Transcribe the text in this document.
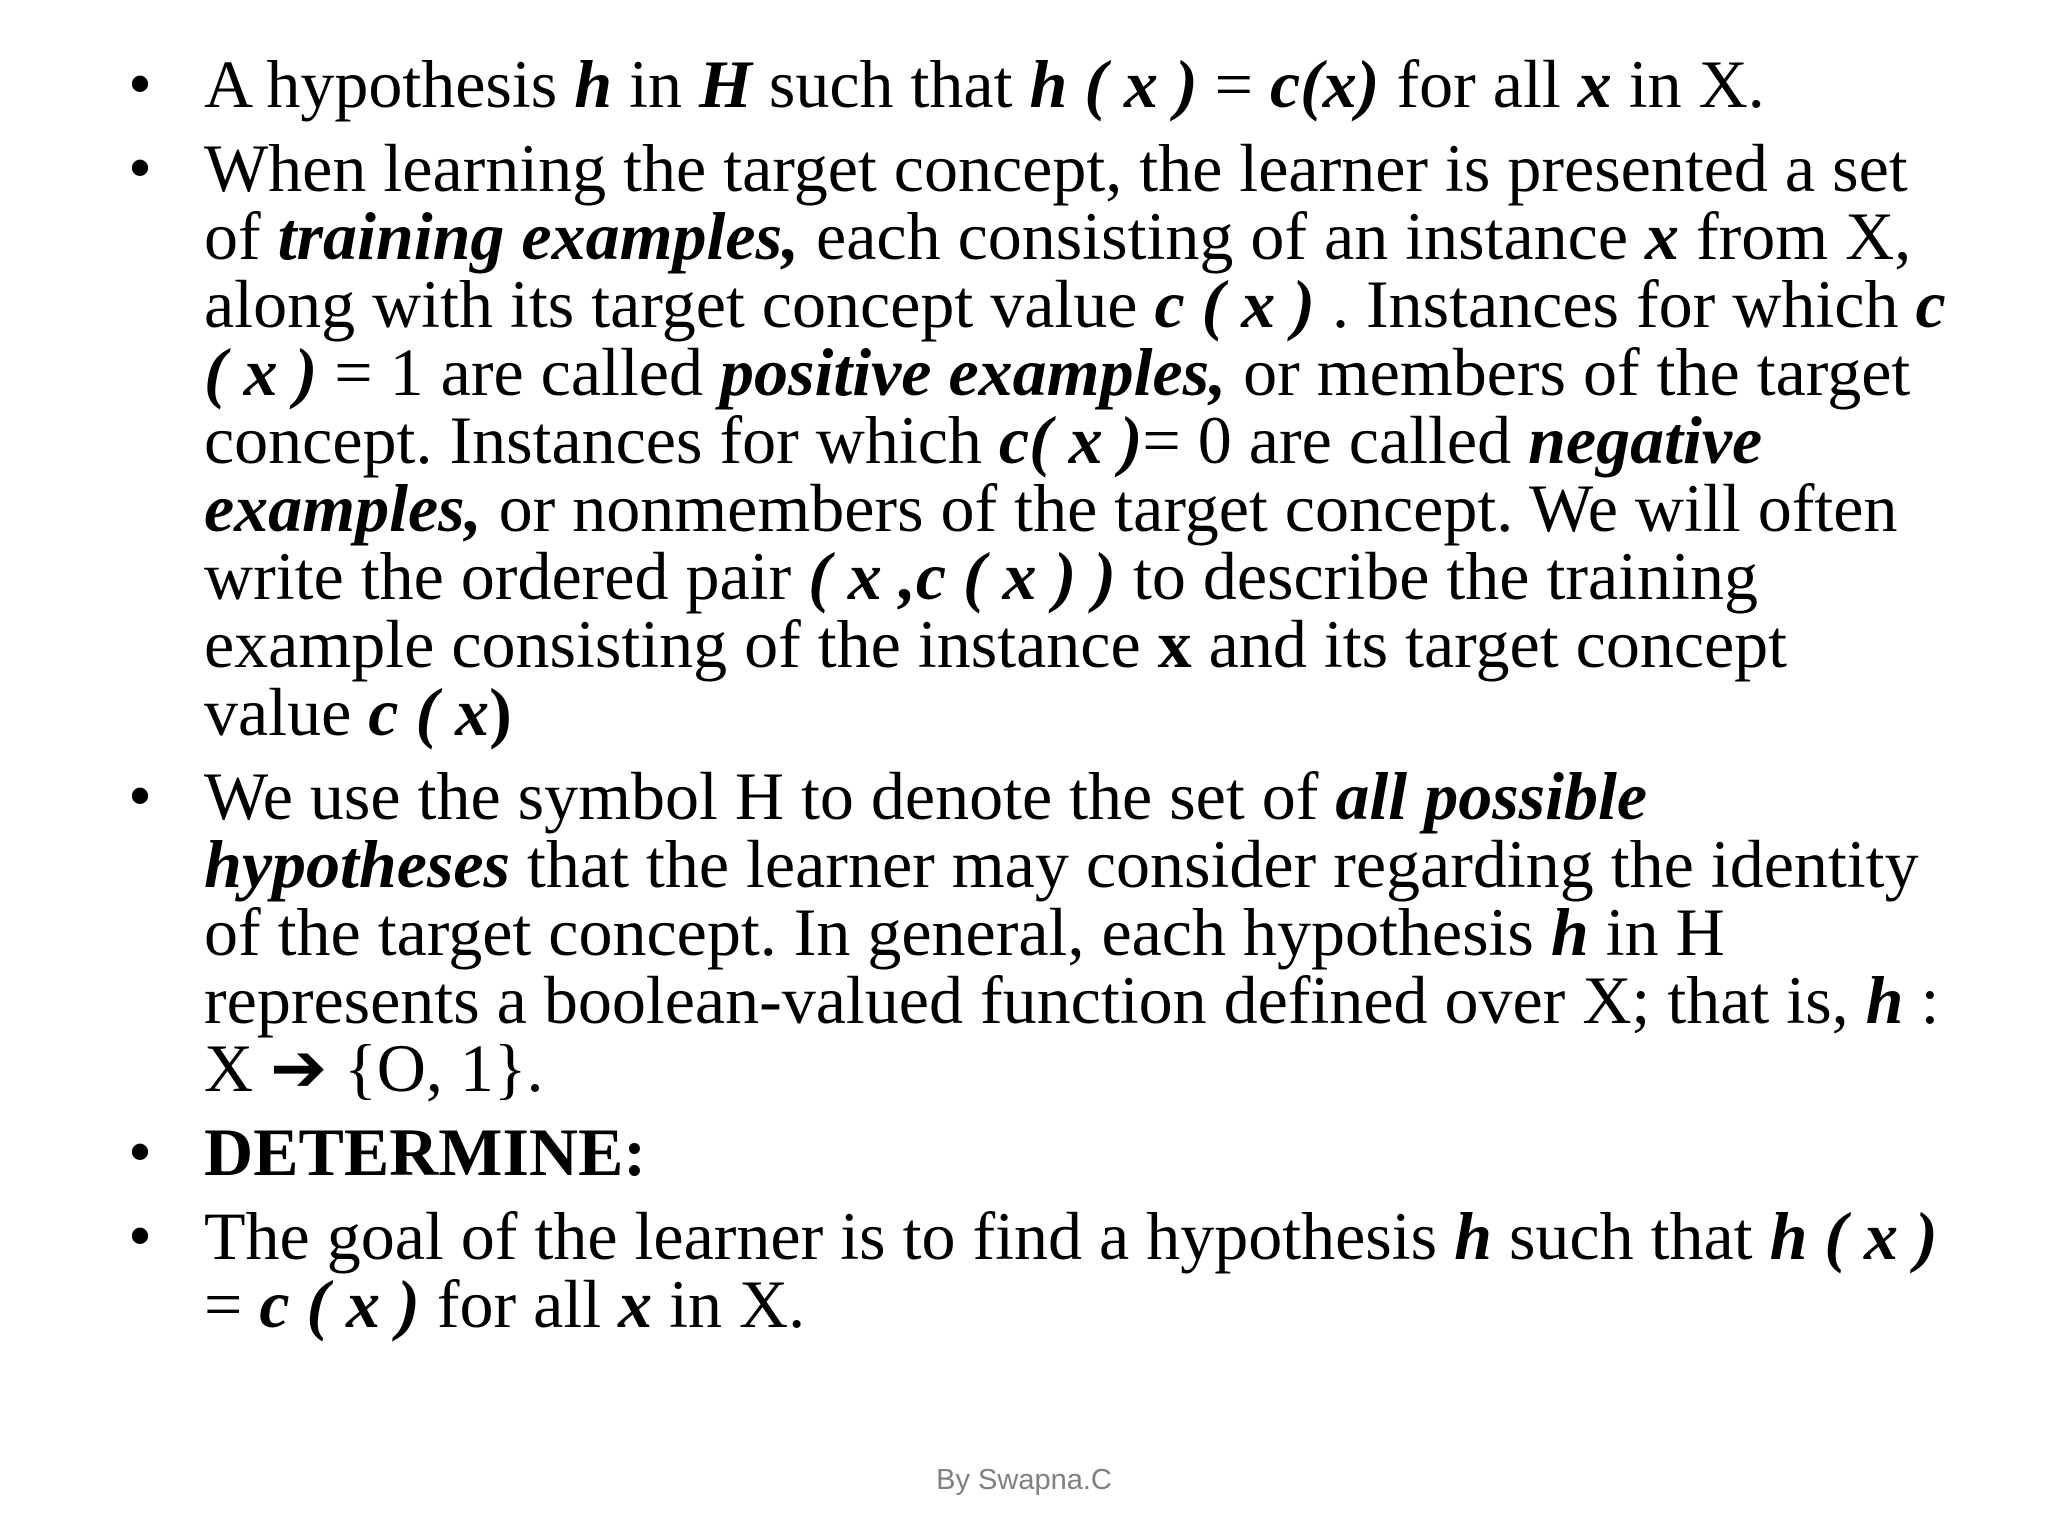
• A hypothesis h in H such that h ( x ) = c(x) for all x in X.
• When learning the target concept, the learner is presented a set of training examples, each consisting of an instance x from X, along with its target concept value c ( x ) . Instances for which c ( x ) = 1 are called positive examples, or members of the target concept. Instances for which c( x )= 0 are called negative examples, or nonmembers of the target concept. We will often write the ordered pair ( x ,c ( x ) ) to describe the training example consisting of the instance x and its target concept value c ( x)
• We use the symbol H to denote the set of all possible hypotheses that the learner may consider regarding the identity of the target concept. In general, each hypothesis h in H represents a boolean-valued function defined over X; that is, h : X ➔ {O, 1}.
• DETERMINE:
• The goal of the learner is to find a hypothesis h such that h ( x ) = c ( x ) for all x in X.
By Swapna.C
